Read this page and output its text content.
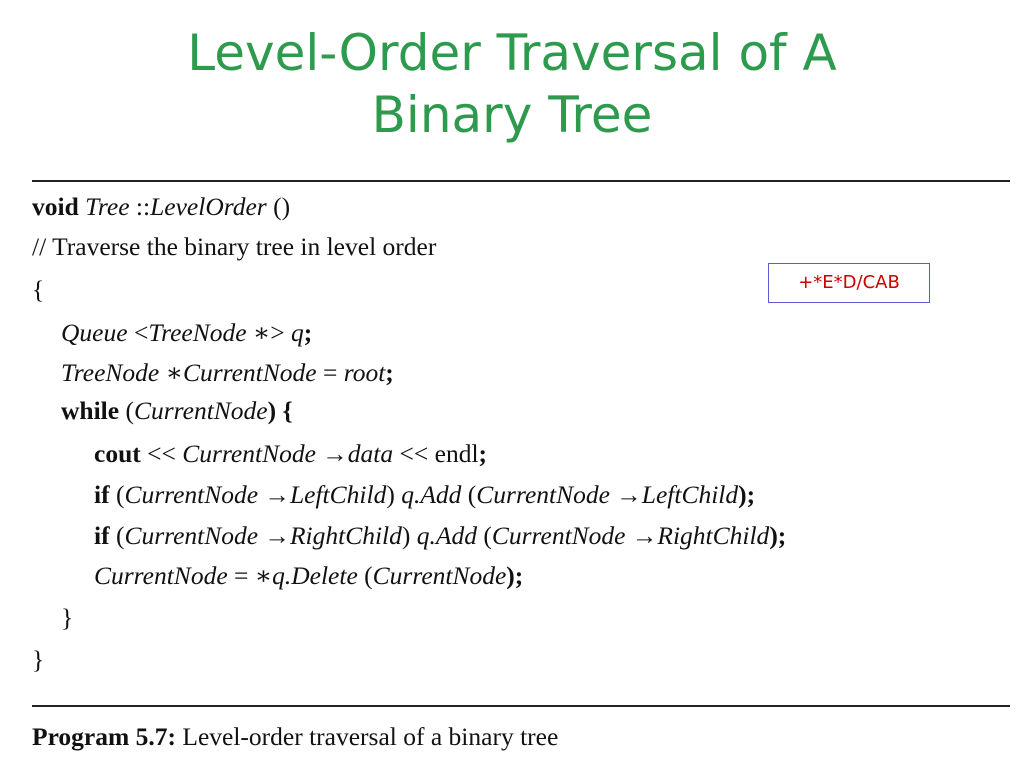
Level-Order Traversal of A
Binary Tree
void Tree ::LevelOrder ()
// Traverse the binary tree in level order
{
Queue <TreeNode ∗> q;
TreeNode ∗CurrentNode = root;
while (CurrentNode) {
cout << CurrentNode →data << endl;
if (CurrentNode →LeftChild) q.Add (CurrentNode →LeftChild);
if (CurrentNode →RightChild) q.Add (CurrentNode →RightChild);
CurrentNode = ∗q.Delete (CurrentNode);
}
}
+*E*D/CAB
Program 5.7: Level-order traversal of a binary tree
